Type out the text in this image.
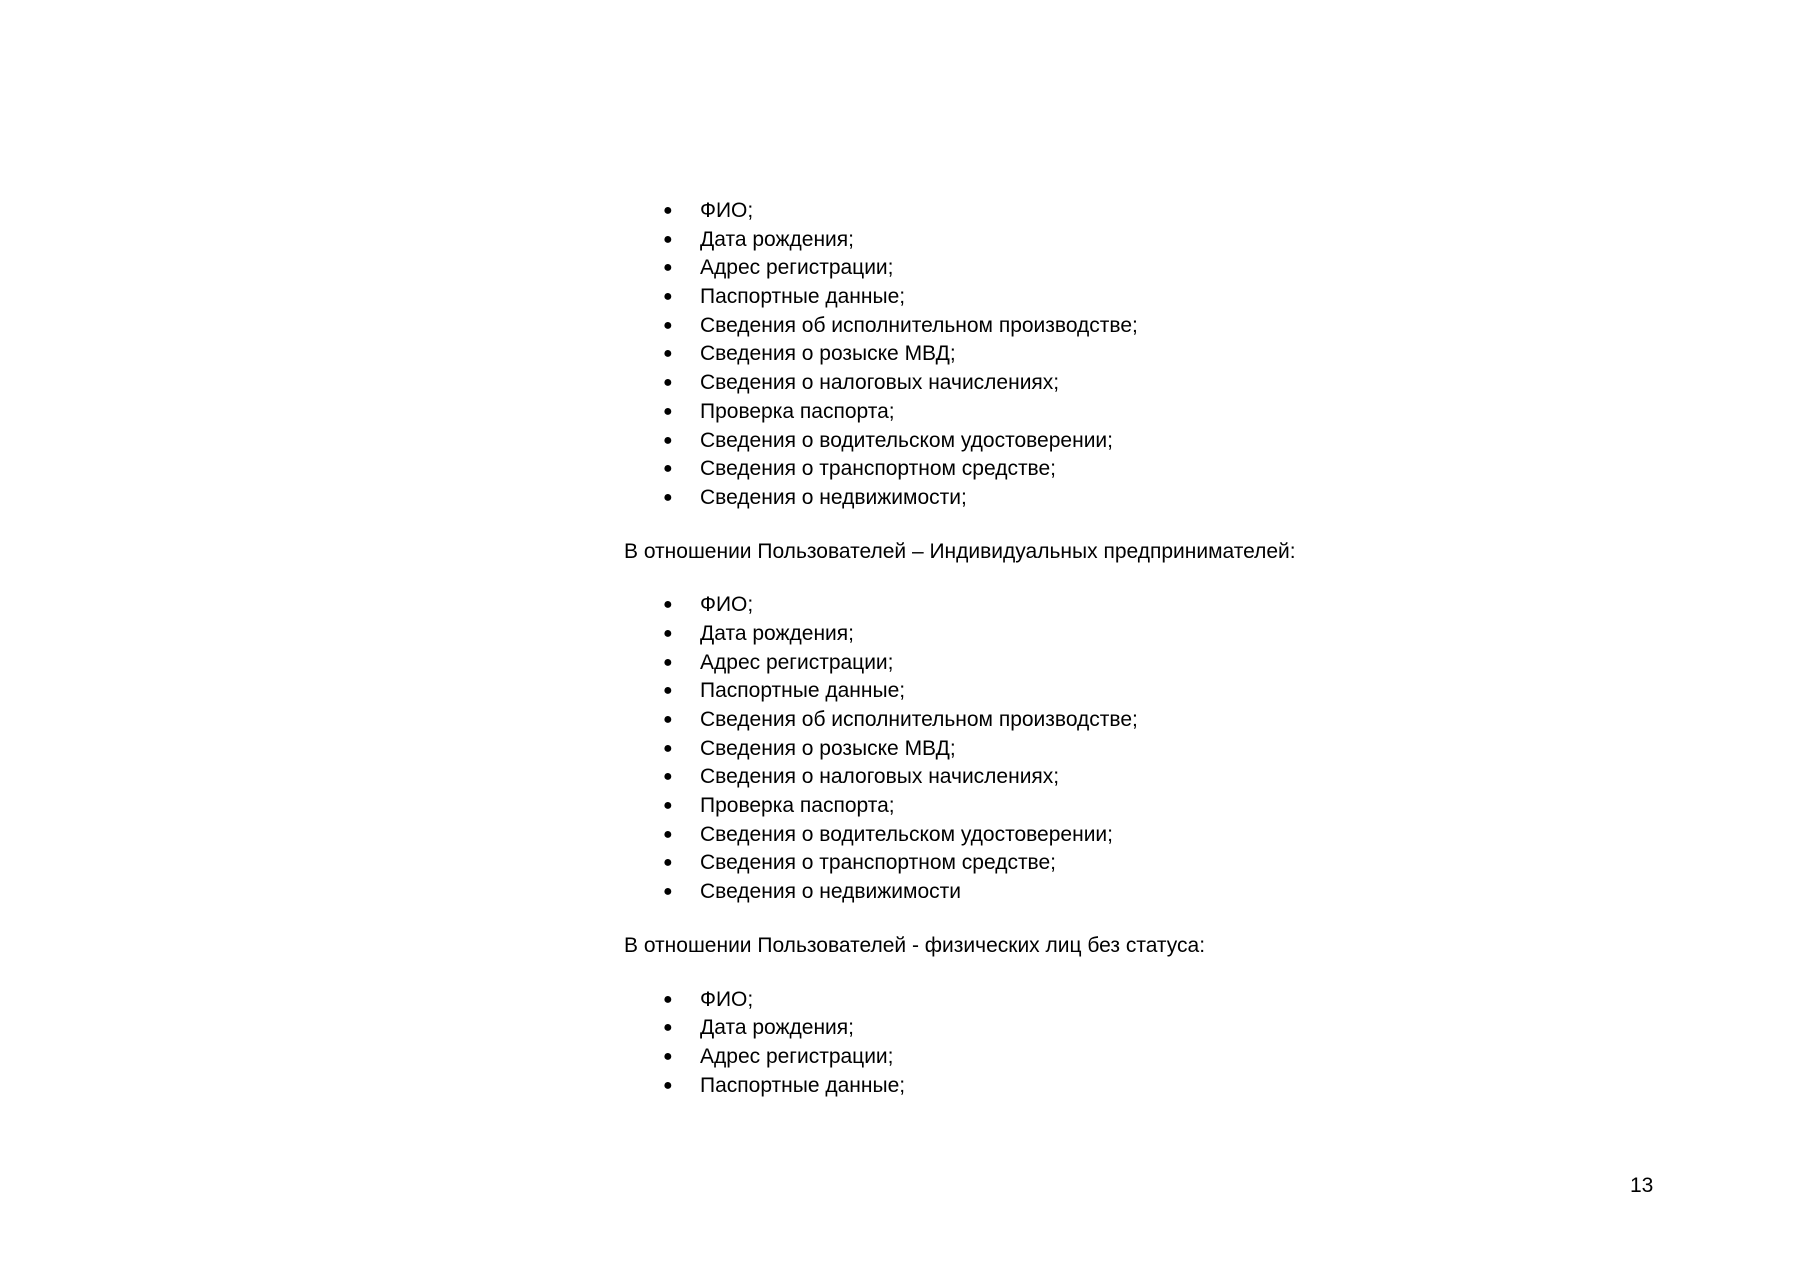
● ФИО;
● Дата рождения;
● Адрес регистрации;
● Паспортные данные;
● Сведения об исполнительном производстве;
● Сведения о розыске МВД;
● Сведения о налоговых начислениях;
● Проверка паспорта;
● Сведения о водительском удостоверении;
● Сведения о транспортном средстве;
● Сведения о недвижимости;
В отношении Пользователей – Индивидуальных предпринимателей:
● ФИО;
● Дата рождения;
● Адрес регистрации;
● Паспортные данные;
● Сведения об исполнительном производстве;
● Сведения о розыске МВД;
● Сведения о налоговых начислениях;
● Проверка паспорта;
● Сведения о водительском удостоверении;
● Сведения о транспортном средстве;
● Сведения о недвижимости
В отношении Пользователей - физических лиц без статуса:
● ФИО;
● Дата рождения;
● Адрес регистрации;
● Паспортные данные;
13
